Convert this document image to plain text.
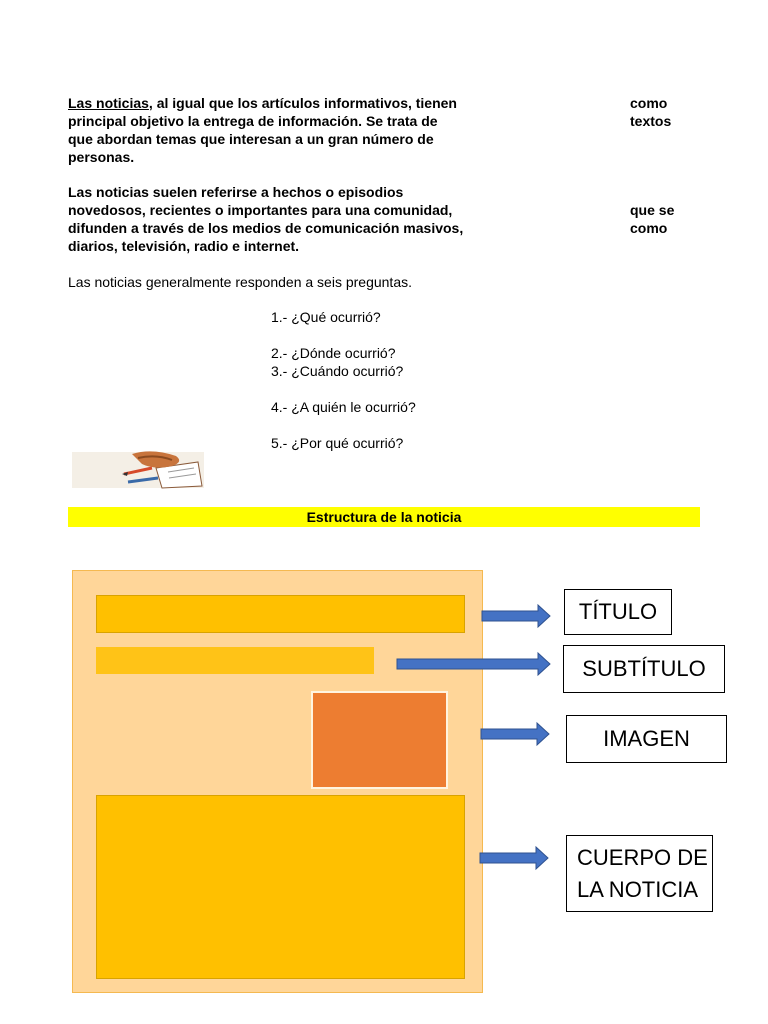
Las noticias, al igual que los artículos informativos, tienen
principal objetivo la entrega de información. Se trata de
que abordan temas que interesan a un gran número de
personas.
como
textos
Las noticias suelen referirse a hechos o episodios
novedosos, recientes o importantes para una comunidad,
difunden a través de los medios de comunicación masivos,
diarios, televisión, radio e internet.
que se
como
Las noticias generalmente responden a seis preguntas.
1.- ¿Qué ocurrió?
2.- ¿Dónde ocurrió?
3.- ¿Cuándo ocurrió?
4.- ¿A quién le ocurrió?
5.- ¿Por qué ocurrió?
Estructura de la noticia
TÍTULO
SUBTÍTULO
IMAGEN
CUERPO DE
LA NOTICIA
